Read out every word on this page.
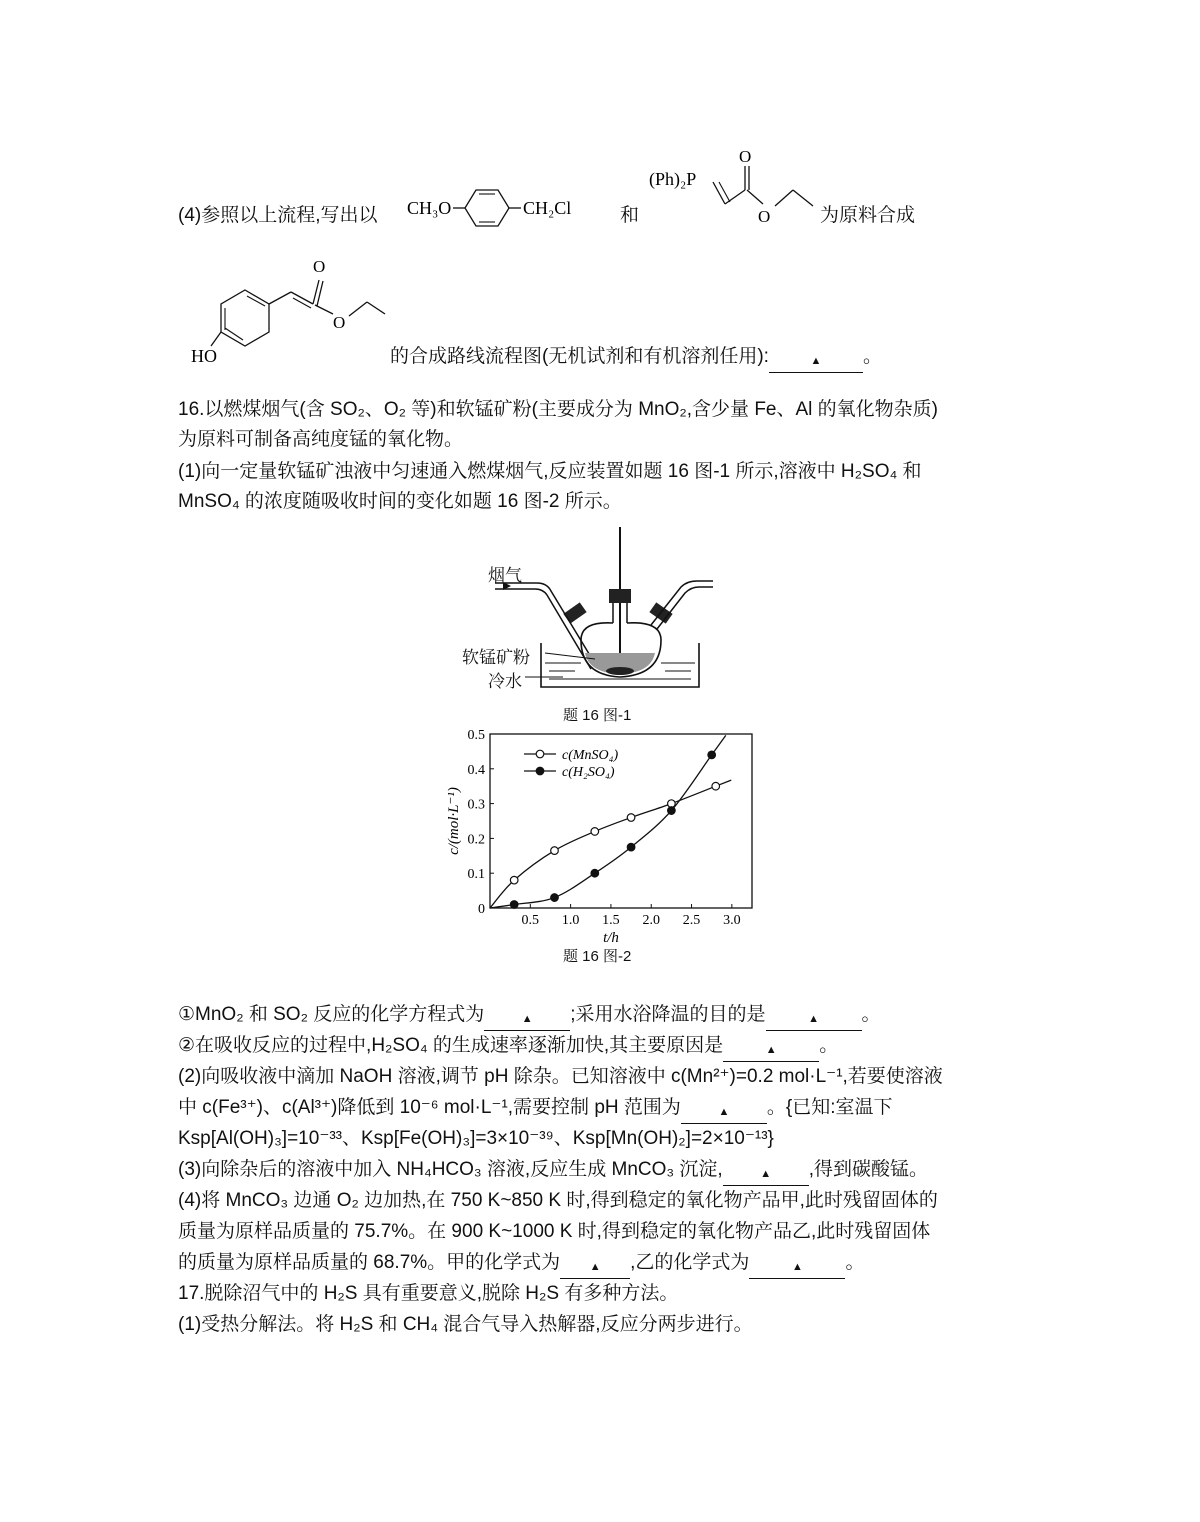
(4)参照以上流程,写出以 CH₃O	CH₂Cl	和
(Ph)₂P
O
O	为原料合成
HO
O
O
的合成路线流程图(无机试剂和有机溶剂任用):	▲ 。
16.以燃煤烟气(含 SO₂、O₂ 等)和软锰矿粉(主要成分为 MnO₂,含少量 Fe、Al 的氧化物杂质)
为原料可制备高纯度锰的氧化物。
(1)向一定量软锰矿浊液中匀速通入燃煤烟气,反应装置如题 16 图-1 所示,溶液中 H₂SO₄ 和
MnSO₄ 的浓度随吸收时间的变化如题 16 图-2 所示。
烟气
软锰矿粉
冷水
题 16 图-1
0
0.1
0.2
0.3
0.4
0.5
0.5 1.0 1.5 2.0 2.5 3.0
t/h
c/(mol·L⁻¹)
c(MnSO₄)
c(H₂SO₄)
题 16 图-2
①MnO₂ 和 SO₂ 反应的化学方程式为	▲ ;采用水浴降温的目的是	▲ 。
②在吸收反应的过程中,H₂SO₄ 的生成速率逐渐加快,其主要原因是	▲ 。
(2)向吸收液中滴加 NaOH 溶液,调节 pH 除杂。已知溶液中 c(Mn²⁺)=0.2 mol·L⁻¹,若要使溶液
中 c(Fe³⁺)、c(Al³⁺)降低到 10⁻⁶ mol·L⁻¹,需要控制 pH 范围为	▲ 。{已知:室温下
Ksp[Al(OH)₃]=10⁻³³、Ksp[Fe(OH)₃]=3×10⁻³⁹、Ksp[Mn(OH)₂]=2×10⁻¹³}
(3)向除杂后的溶液中加入 NH₄HCO₃ 溶液,反应生成 MnCO₃ 沉淀,	▲ ,得到碳酸锰。
(4)将 MnCO₃ 边通 O₂ 边加热,在 750 K~850 K 时,得到稳定的氧化物产品甲,此时残留固体的
质量为原样品质量的 75.7%。在 900 K~1000 K 时,得到稳定的氧化物产品乙,此时残留固体
的质量为原样品质量的 68.7%。甲的化学式为	▲ ,乙的化学式为	▲ 。
17.脱除沼气中的 H₂S 具有重要意义,脱除 H₂S 有多种方法。
(1)受热分解法。将 H₂S 和 CH₄ 混合气导入热解器,反应分两步进行。
